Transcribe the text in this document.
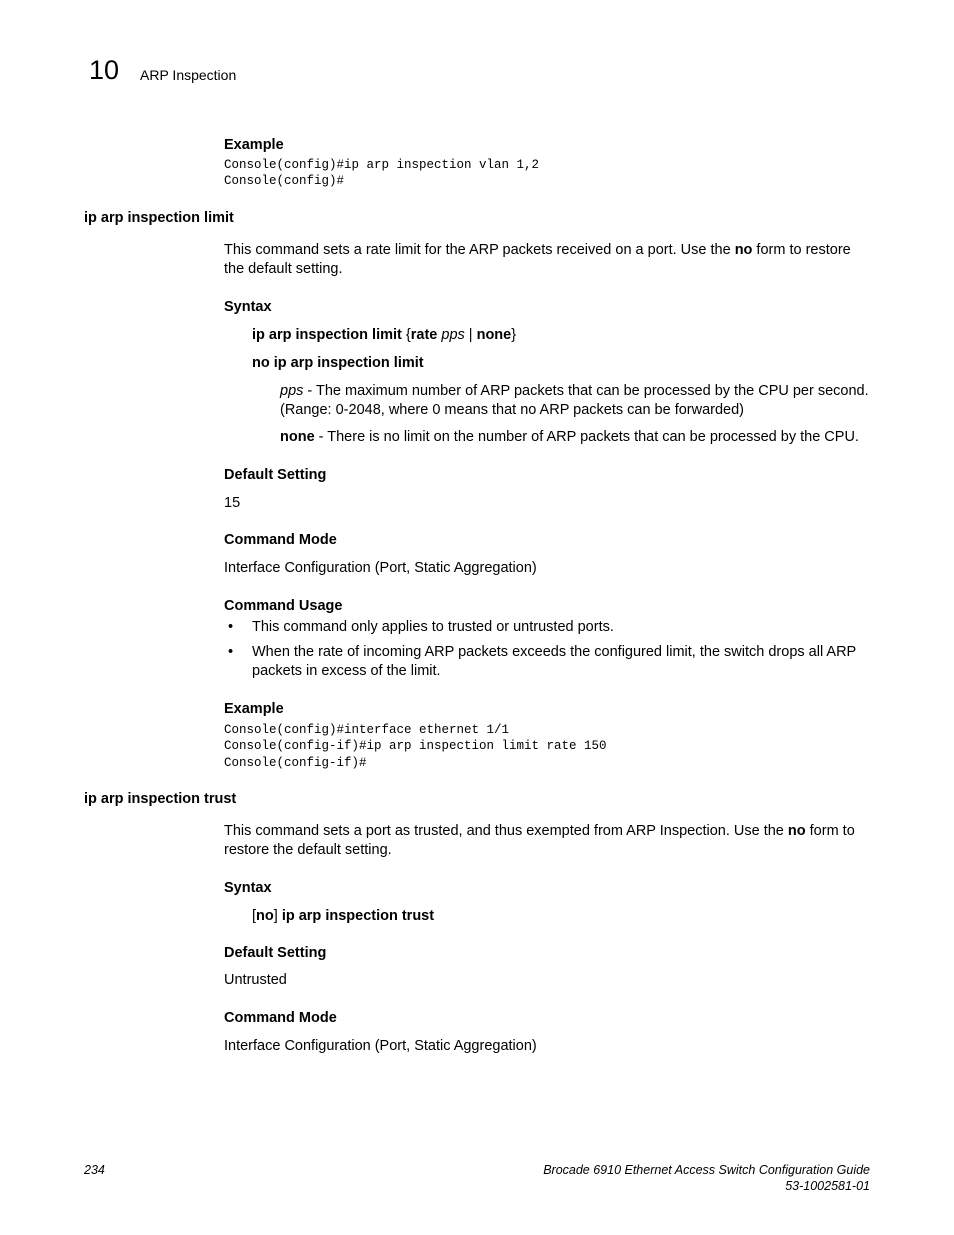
10 ARP Inspection
Example
Console(config)#ip arp inspection vlan 1,2
Console(config)#
ip arp inspection limit
This command sets a rate limit for the ARP packets received on a port. Use the no form to restore
the default setting.
Syntax
ip arp inspection limit {rate pps | none}
no ip arp inspection limit
pps - The maximum number of ARP packets that can be processed by the CPU per second.
(Range: 0-2048, where 0 means that no ARP packets can be forwarded)
none - There is no limit on the number of ARP packets that can be processed by the CPU.
Default Setting
15
Command Mode
Interface Configuration (Port, Static Aggregation)
Command Usage
• This command only applies to trusted or untrusted ports.
• When the rate of incoming ARP packets exceeds the configured limit, the switch drops all ARP
packets in excess of the limit.
Example
Console(config)#interface ethernet 1/1
Console(config-if)#ip arp inspection limit rate 150
Console(config-if)#
ip arp inspection trust
This command sets a port as trusted, and thus exempted from ARP Inspection. Use the no form to
restore the default setting.
Syntax
[no] ip arp inspection trust
Default Setting
Untrusted
Command Mode
Interface Configuration (Port, Static Aggregation)
234	Brocade 6910 Ethernet Access Switch Configuration Guide
53-1002581-01
